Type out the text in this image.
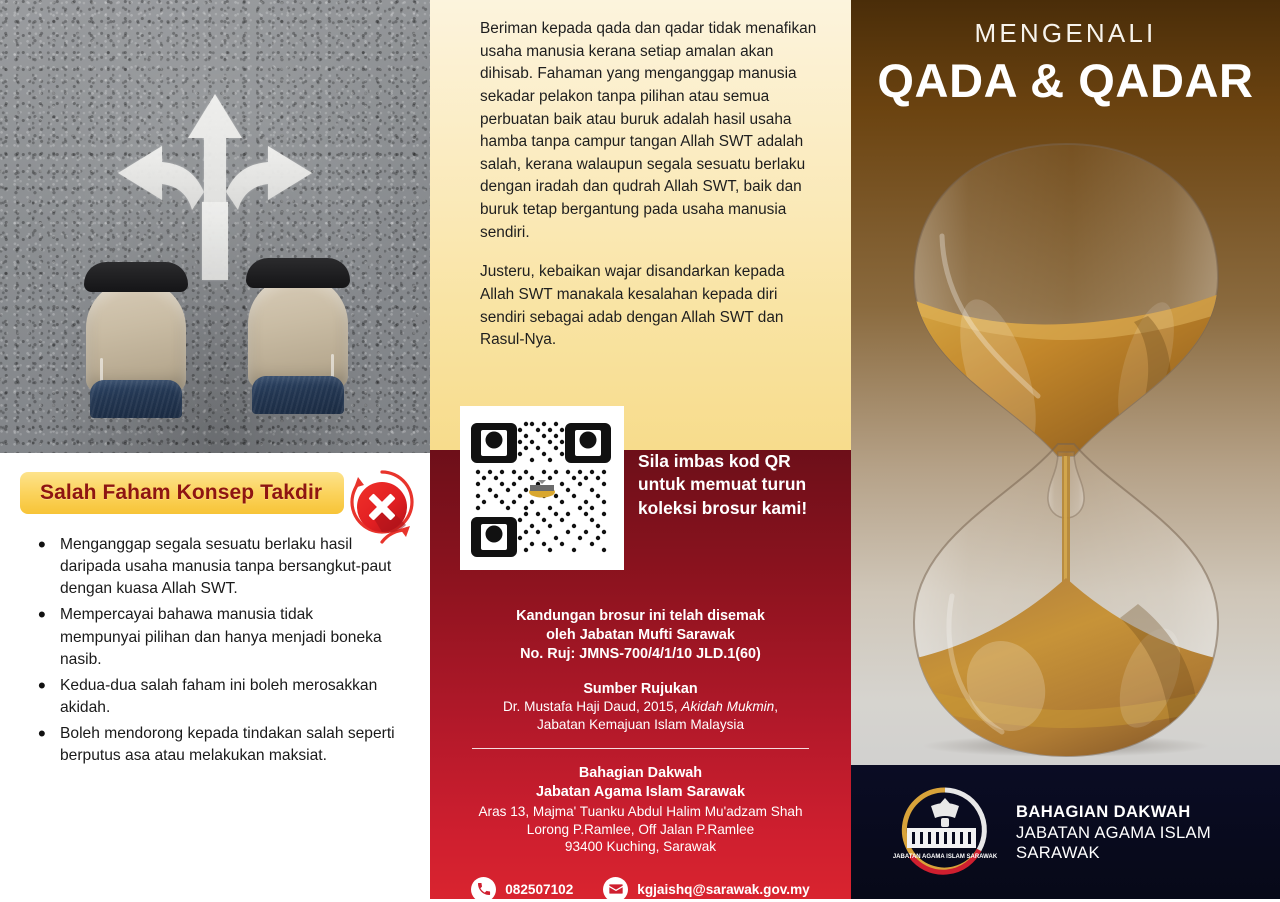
Salah Faham Konsep Takdir
• Menganggap segala sesuatu berlaku hasil daripada usaha manusia tanpa bersangkut-paut dengan kuasa Allah SWT.
• Mempercayai bahawa manusia tidak mempunyai pilihan dan hanya menjadi boneka nasib.
• Kedua-dua salah faham ini boleh merosakkan akidah.
• Boleh mendorong kepada tindakan salah seperti berputus asa atau melakukan maksiat.

Beriman kepada qada dan qadar tidak menafikan usaha manusia kerana setiap amalan akan dihisab. Fahaman yang menganggap manusia sekadar pelakon tanpa pilihan atau semua perbuatan baik atau buruk adalah hasil usaha hamba tanpa campur tangan Allah SWT adalah salah, kerana walaupun segala sesuatu berlaku dengan iradah dan qudrah Allah SWT, baik dan buruk tetap bergantung pada usaha manusia sendiri.

Justeru, kebaikan wajar disandarkan kepada Allah SWT manakala kesalahan kepada diri sendiri sebagai adab dengan Allah SWT dan Rasul-Nya.

Sila imbas kod QR untuk memuat turun koleksi brosur kami!
Kandungan brosur ini telah disemak
oleh Jabatan Mufti Sarawak
No. Ruj: JMNS-700/4/1/10 JLD.1(60)
Sumber Rujukan
Dr. Mustafa Haji Daud, 2015, Akidah Mukmin,
Jabatan Kemajuan Islam Malaysia
Bahagian Dakwah
Jabatan Agama Islam Sarawak
Aras 13, Majma' Tuanku Abdul Halim Mu'adzam Shah
Lorong P.Ramlee, Off Jalan P.Ramlee
93400 Kuching, Sarawak
082507102	kgjaishq@sarawak.gov.my
MENGENALI
QADA & QADAR
JABATAN AGAMA ISLAM SARAWAK
BAHAGIAN DAKWAH
JABATAN AGAMA ISLAM SARAWAK
